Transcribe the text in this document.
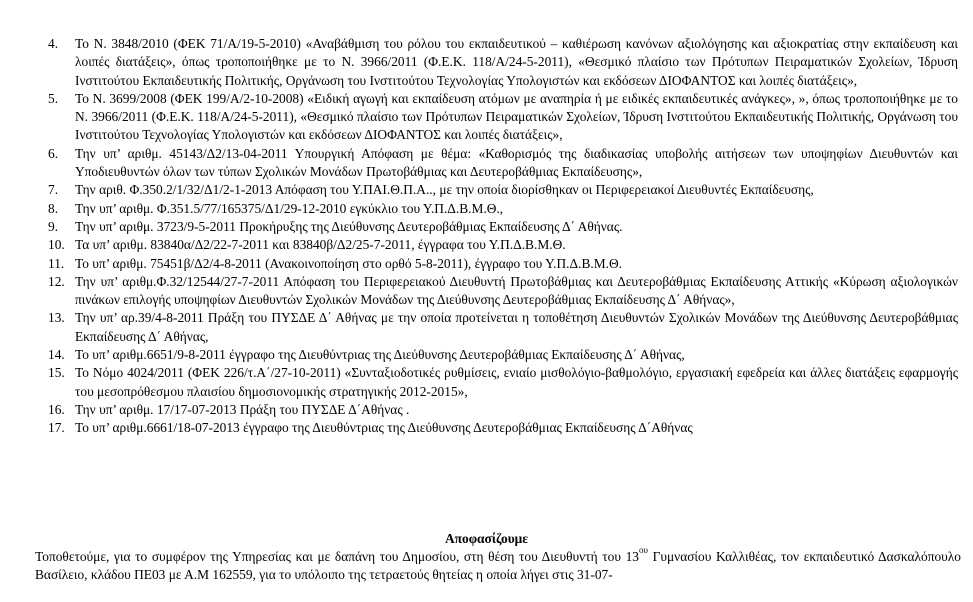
4. Το Ν. 3848/2010 (ΦΕΚ 71/Α/19-5-2010) «Αναβάθμιση του ρόλου του εκπαιδευτικού – καθιέρωση κανόνων αξιολόγησης και αξιοκρατίας στην εκπαίδευση και λοιπές διατάξεις», όπως τροποποιήθηκε με το Ν. 3966/2011 (Φ.Ε.Κ. 118/Α/24-5-2011), «Θεσμικό πλαίσιο των Πρότυπων Πειραματικών Σχολείων, Ίδρυση Ινστιτούτου Εκπαιδευτικής Πολιτικής, Οργάνωση του Ινστιτούτου Τεχνολογίας Υπολογιστών και εκδόσεων ΔΙΟΦΑΝΤΟΣ και λοιπές διατάξεις»,
5. Το Ν. 3699/2008 (ΦΕΚ 199/Α/2-10-2008) «Ειδική αγωγή και εκπαίδευση ατόμων με αναπηρία ή με ειδικές εκπαιδευτικές ανάγκες», », όπως τροποποιήθηκε με το Ν. 3966/2011 (Φ.Ε.Κ. 118/Α/24-5-2011), «Θεσμικό πλαίσιο των Πρότυπων Πειραματικών Σχολείων, Ίδρυση Ινστιτούτου Εκπαιδευτικής Πολιτικής, Οργάνωση του Ινστιτούτου Τεχνολογίας Υπολογιστών και εκδόσεων ΔΙΟΦΑΝΤΟΣ και λοιπές διατάξεις»,
6. Την υπ’ αριθμ. 45143/Δ2/13-04-2011 Υπουργική Απόφαση με θέμα: «Καθορισμός της διαδικασίας υποβολής αιτήσεων των υποψηφίων Διευθυντών και Υποδιευθυντών όλων των τύπων Σχολικών Μονάδων Πρωτοβάθμιας και Δευτεροβάθμιας Εκπαίδευσης»,
7. Την αριθ. Φ.350.2/1/32/Δ1/2-1-2013 Απόφαση του Υ.ΠΑΙ.Θ.Π.Α.., με την οποία διορίσθηκαν οι Περιφερειακοί Διευθυντές Εκπαίδευσης,
8. Την υπ’ αριθμ. Φ.351.5/77/165375/Δ1/29-12-2010 εγκύκλιο του Υ.Π.Δ.Β.Μ.Θ.,
9. Την υπ’ αριθμ. 3723/9-5-2011 Προκήρυξης της Διεύθυνσης Δευτεροβάθμιας Εκπαίδευσης Δ΄ Αθήνας.
10. Τα υπ’ αριθμ. 83840α/Δ2/22-7-2011 και 83840β/Δ2/25-7-2011, έγγραφα του Υ.Π.Δ.Β.Μ.Θ.
11. Το υπ’ αριθμ. 75451β/Δ2/4-8-2011 (Ανακοινοποίηση στο ορθό 5-8-2011), έγγραφο του Υ.Π.Δ.Β.Μ.Θ.
12. Την υπ’ αριθμ.Φ.32/12544/27-7-2011 Απόφαση του Περιφερειακού Διευθυντή Πρωτοβάθμιας και Δευτεροβάθμιας Εκπαίδευσης Αττικής «Κύρωση αξιολογικών πινάκων επιλογής υποψηφίων Διευθυντών Σχολικών Μονάδων της Διεύθυνσης Δευτεροβάθμιας Εκπαίδευσης Δ΄ Αθήνας»,
13. Την υπ’ αρ.39/4-8-2011 Πράξη του ΠΥΣΔΕ Δ΄ Αθήνας με την οποία προτείνεται η τοποθέτηση Διευθυντών Σχολικών Μονάδων της Διεύθυνσης Δευτεροβάθμιας Εκπαίδευσης Δ΄ Αθήνας,
14. Το υπ’ αριθμ.6651/9-8-2011 έγγραφο της Διευθύντριας της Διεύθυνσης Δευτεροβάθμιας Εκπαίδευσης Δ΄ Αθήνας,
15. Το Νόμο 4024/2011 (ΦΕΚ 226/τ.Α΄/27-10-2011) «Συνταξιοδοτικές ρυθμίσεις, ενιαίο μισθολόγιο-βαθμολόγιο, εργασιακή εφεδρεία και άλλες διατάξεις εφαρμογής του μεσοπρόθεσμου πλαισίου δημοσιονομικής στρατηγικής 2012-2015»,
16. Την υπ’ αριθμ. 17/17-07-2013 Πράξη του ΠΥΣΔΕ Δ΄Αθήνας .
17. Το υπ’ αριθμ.6661/18-07-2013 έγγραφο της Διευθύντριας της Διεύθυνσης Δευτεροβάθμιας Εκπαίδευσης Δ΄Αθήνας
Αποφασίζουμε
Τοποθετούμε, για το συμφέρον της Υπηρεσίας και με δαπάνη του Δημοσίου, στη θέση του Διευθυντή του $13^{o\upsilon}$ Γυμνασίου Καλλιθέας, τον εκπαιδευτικό Δασκαλόπουλο Βασίλειο, κλάδου ΠΕ03 με Α.Μ 162559, για το υπόλοιπο της τετραετούς θητείας η οποία λήγει στις 31-07-
